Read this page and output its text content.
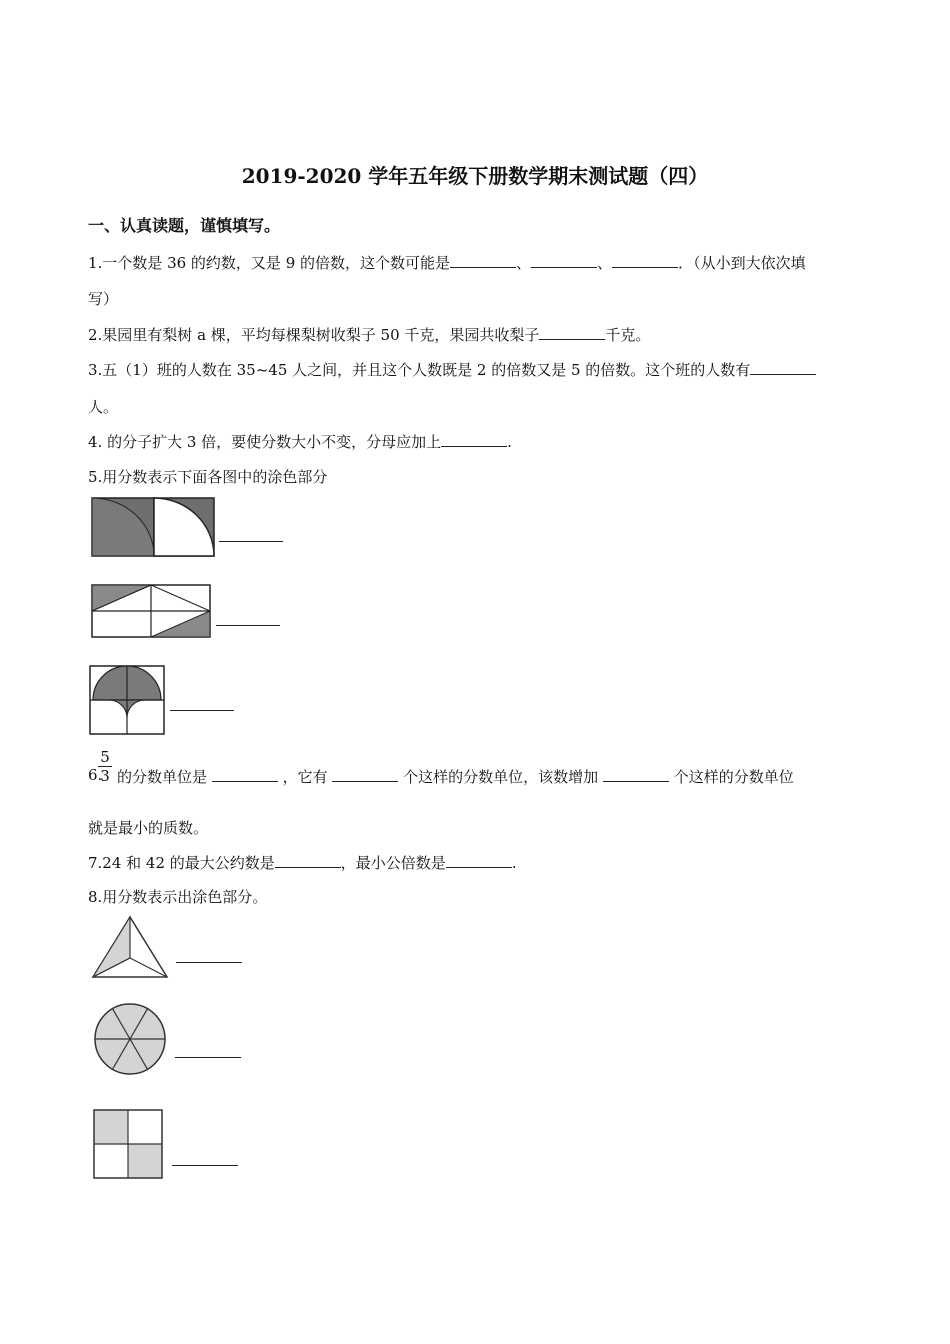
2019-2020 学年五年级下册数学期末测试题（四）
一、认真读题，谨慎填写。
1.一个数是 36 的约数，又是 9 的倍数，这个数可能是	、	、	．（从小到大依次填
写）
2.果园里有梨树 a 棵，平均每棵梨树收梨子 50 千克，果园共收梨子	千克。
3.五（1）班的人数在 35~45 人之间，并且这个人数既是 2 的倍数又是 5 的倍数。这个班的人数有
人。
4. 的分子扩大 3 倍，要使分数大小不变，分母应加上	.
5.用分数表示下面各图中的涂色部分
6.
$\frac{5}{3}$ 的分数单位是	，它有	个这样的分数单位，该数增加	个这样的分数单位
就是最小的质数。
7.24 和 42 的最大公约数是	，最小公倍数是	.
8.用分数表示出涂色部分。
